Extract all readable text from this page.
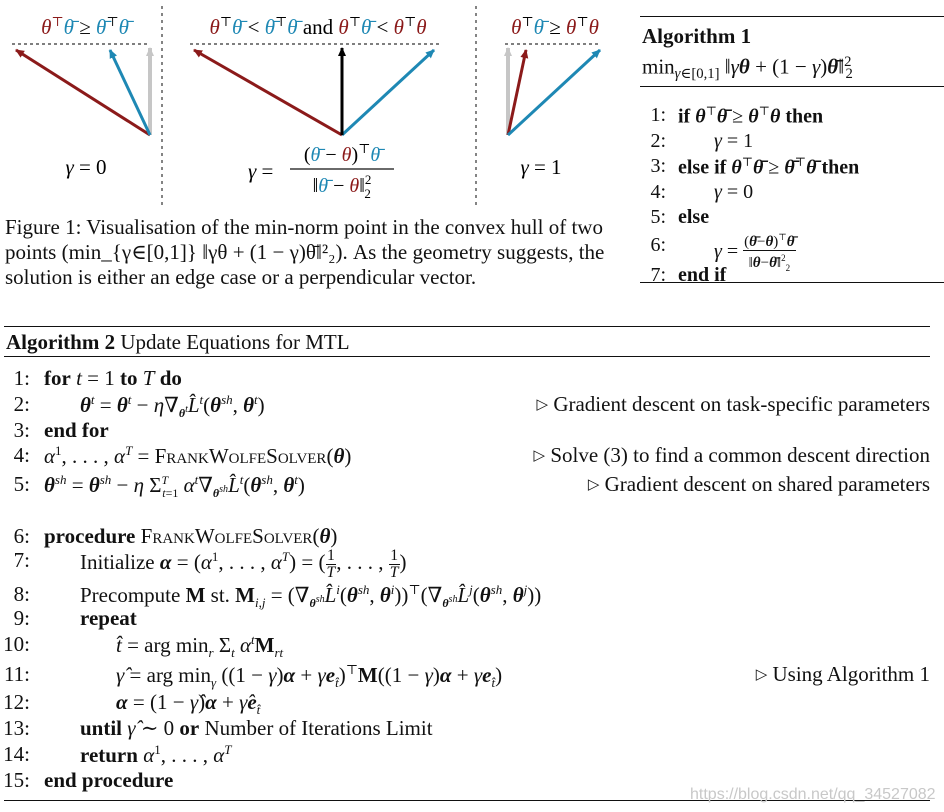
θ⊤θ̄ ≥ θ̄⊤θ̄
γ = 0
θ⊤θ̄ < θ̄⊤θ̄ and θ⊤θ̄ < θ⊤θ
γ =
(θ̄ − θ)⊤θ̄
‖θ̄ − θ‖$^2$ 2
θ⊤θ̄ ≥ θ⊤θ
γ = 1
Figure 1: Visualisation of the min-norm point in the convex hull of two points (min_{γ∈[0,1]} ‖γθ + (1 − γ)θ̄‖²₂). As the geometry suggests, the solution is either an edge case or a perpendicular vector.
Algorithm 1
$\min_{\gamma\in[0,1]}$ ‖γθ + (1 − γ)θ̄‖$^2_2$
1: if θ⊤θ̄ ≥ θ⊤θ then
2: γ = 1
3: else if θ⊤θ̄ ≥ θ̄⊤θ̄ then
4: γ = 0
5: else
6: $\gamma = \frac{(\thetā-\theta)^⊤\thetā}{‖\theta-\thetā‖^2_2}$
7: end if
Algorithm 2 Update Equations for MTL
1: for t = 1 to T do
2: $\theta^t = \theta^t$ − $\eta\nabla_{\theta^t}L̂^t(\theta^{sh}$, $\theta^t$)	▷ Gradient descent on task-specific parameters
3: end for
4: $\alpha^1$, . . . , $\alpha^T$ = FrankWolfeSolver(θ)	▷ Solve (3) to find a common descent direction
5: $\theta^{sh} = \theta^{sh} - \eta$ $\Sigma^T_{t=1}$ $\alpha^t\nabla_{\theta^{sh}}L̂^t(\theta^{sh}$, $\theta^t$)	▷ Gradient descent on shared parameters
6: procedure FrankWolfeSolver(θ)
7: Initialize $\alpha = (\alpha^1$, . . . , $\alpha^T$) = ( $\frac{1}{T}$ , . . . , $\frac{1}{T}$ )
8: Precompute M st. $M_{i,j}$ = ($\nabla_{\theta^{sh}}L̂^i(\theta^{sh}$, $\theta^i))^⊤(\nabla_{\theta^{sh}}L̂^j(\theta^{sh}$, $\theta^j$))
9: repeat
10:	t̂ = arg $\min_r \Sigma_t$ $\alpha^tM_{rt}$
11:	γ̂ = arg $\min_\gamma ((1 - \gamma)\alpha + \gamma e_{t̂})^⊤M((1 - \gamma)\alpha + \gamma e_{t̂})$	▷ Using Algorithm 1
12:	α = (1 − γ̂)α + $\gammâe_{t̂}$
13: until γ̂ ∼ 0 or Number of Iterations Limit
14: return $\alpha^1$, . . . , $\alpha^T$
15: end procedure
https://blog.csdn.net/qq_34527082
